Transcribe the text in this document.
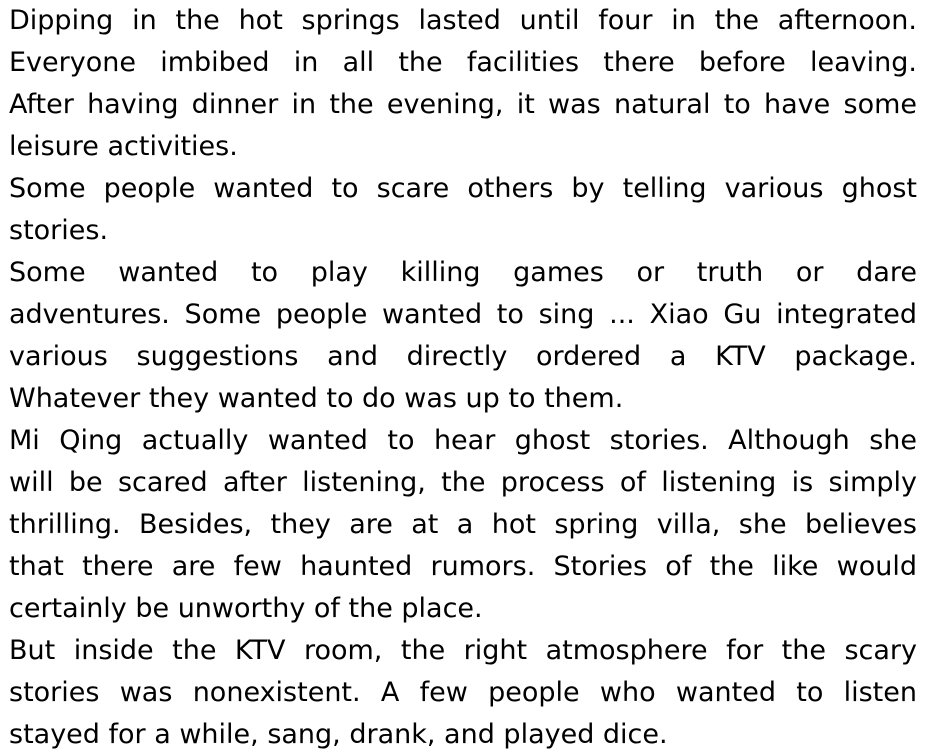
Dipping in the hot springs lasted until four in the afternoon.
Everyone imbibed in all the facilities there before leaving.
After having dinner in the evening, it was natural to have some
leisure activities.

Some people wanted to scare others by telling various ghost
stories.

Some wanted to play killing games or truth or dare
adventures. Some people wanted to sing ... Xiao Gu integrated
various suggestions and directly ordered a KTV package.
Whatever they wanted to do was up to them.

Mi Qing actually wanted to hear ghost stories. Although she
will be scared after listening, the process of listening is simply
thrilling. Besides, they are at a hot spring villa, she believes
that there are few haunted rumors. Stories of the like would
certainly be unworthy of the place.

But inside the KTV room, the right atmosphere for the scary
stories was nonexistent. A few people who wanted to listen
stayed for a while, sang, drank, and played dice.
